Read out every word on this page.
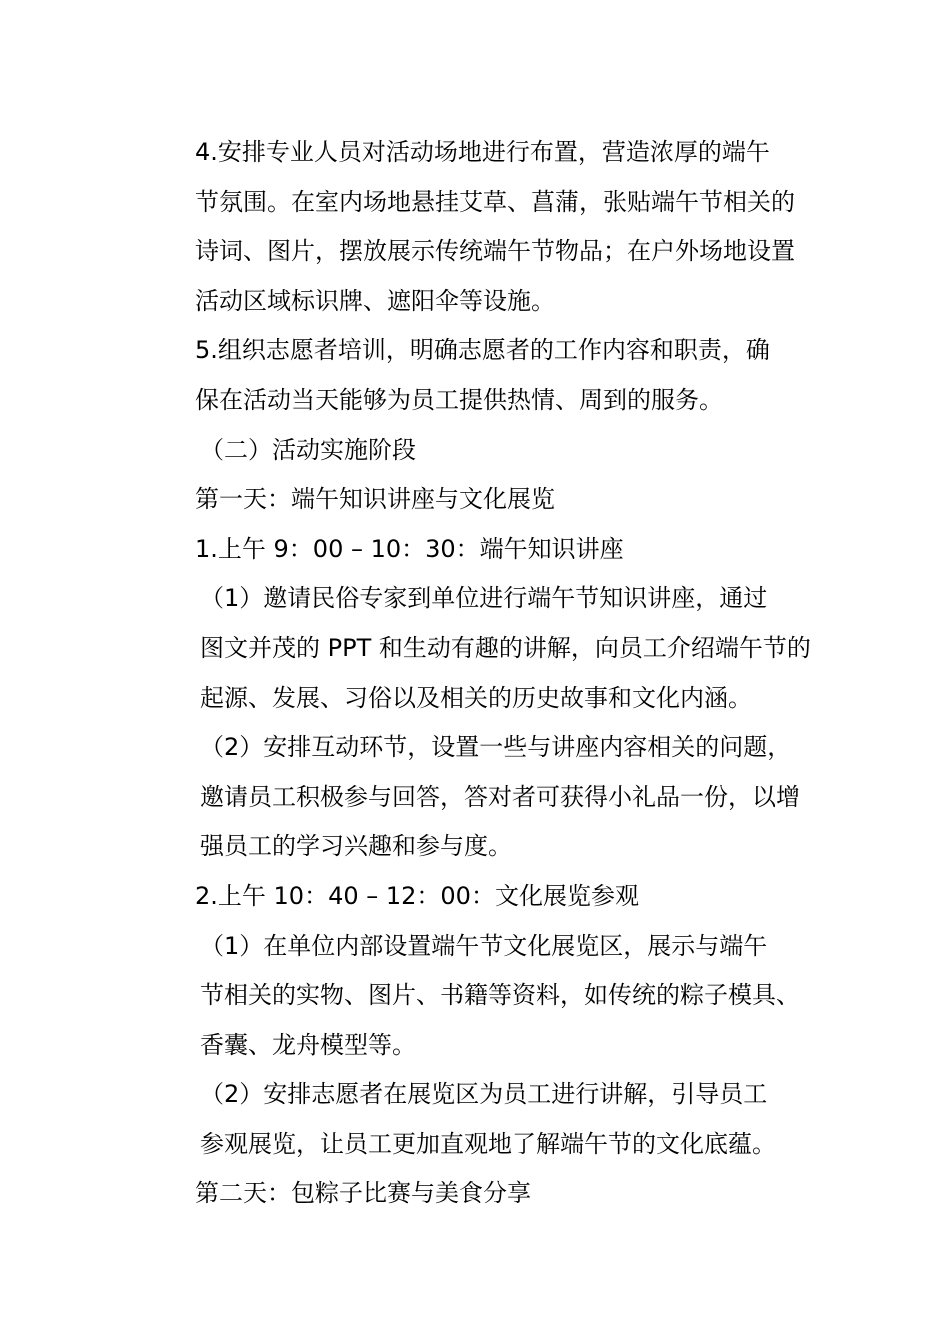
4.安排专业人员对活动场地进行布置，营造浓厚的端午
节氛围。在室内场地悬挂艾草、菖蒲，张贴端午节相关的
诗词、图片，摆放展示传统端午节物品；在户外场地设置
活动区域标识牌、遮阳伞等设施。

5.组织志愿者培训，明确志愿者的工作内容和职责，确
保在活动当天能够为员工提供热情、周到的服务。

（二）活动实施阶段

第一天：端午知识讲座与文化展览

1.上午 9：00 – 10：30：端午知识讲座

（1）邀请民俗专家到单位进行端午节知识讲座，通过
图文并茂的 PPT 和生动有趣的讲解，向员工介绍端午节的
起源、发展、习俗以及相关的历史故事和文化内涵。

（2）安排互动环节，设置一些与讲座内容相关的问题，
邀请员工积极参与回答，答对者可获得小礼品一份，以增
强员工的学习兴趣和参与度。

2.上午 10：40 – 12：00：文化展览参观

（1）在单位内部设置端午节文化展览区，展示与端午
节相关的实物、图片、书籍等资料，如传统的粽子模具、
香囊、龙舟模型等。

（2）安排志愿者在展览区为员工进行讲解，引导员工
参观展览，让员工更加直观地了解端午节的文化底蕴。

第二天：包粽子比赛与美食分享
